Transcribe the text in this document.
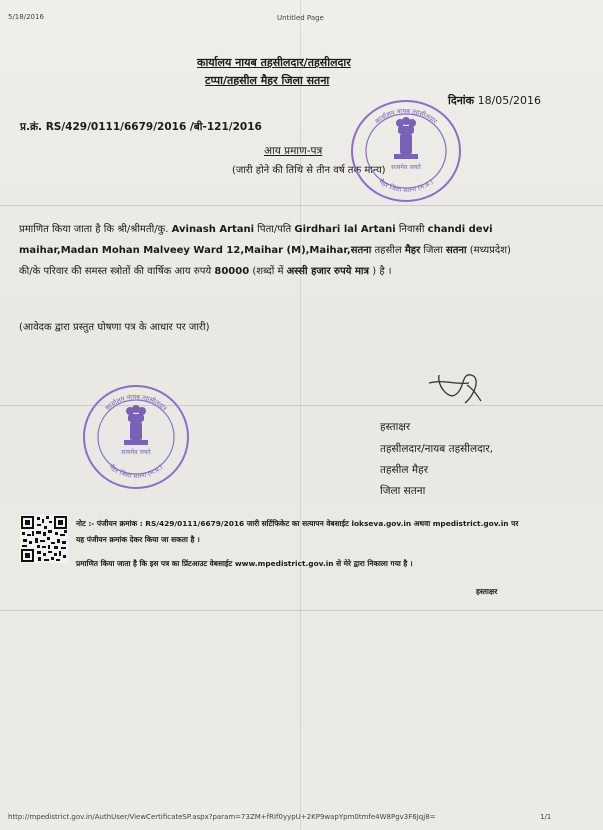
5/18/2016	Untitled Page
कार्यालय नायब तहसीलदार/तहसीलदार
टप्पा/तहसील मैहर जिला सतना
दिनांक 18/05/2016
प्र.क्रं. RS/429/0111/6679/2016 /बी-121/2016
आय प्रमाण-पत्र
(जारी होने की तिथि से तीन वर्ष तक मान्य) सत्यमेव जयते
कार्यालय नायब तहसीलदार
मैहर जिला सतना (म.प्र.)
प्रमाणित किया जाता है कि श्री/श्रीमती/कु. Avinash Artani पिता/पति Girdhari lal Artani निवासी chandi devi
maihar,Madan Mohan Malveey Ward 12,Maihar (M),Maihar,सतना तहसील मैहर जिला सतना (मध्यप्रदेश)
की/के परिवार की समस्त स्त्रोतों की वार्षिक आय रुपये 80000 (शब्दों में अस्सी हजार रुपये मात्र ) है ।
(आवेदक द्वारा प्रस्तुत घोषणा पत्र के आधार पर जारी)
सत्यमेव जयते
कार्यालय नायब तहसीलदार
मैहर जिला सतना (म.प्र.)
हस्ताक्षर
तहसीलदार/नायब तहसीलदार,
तहसील मैहर
जिला सतना
नोट :- पंजीयन क्रमांक : RS/429/0111/6679/2016 जारी सर्टिफिकेट का सत्यापन वेबसाईट lokseva.gov.in अथवा mpedistrict.gov.in पर
यह पंजीयन क्रमांक देकर किया जा सकता है ।
प्रमाणित किया जाता है कि इस पत्र का प्रिंटआउट वेबसाईट www.mpedistrict.gov.in से मेरे द्वारा निकाला गया है ।
हस्ताक्षर
http://mpedistrict.gov.in/AuthUser/ViewCertificateSP.aspx?param=73ZM+fRIf0yypU+2KP9wapYpm0tmfe4W8Pgv3F6Jqj8=	1/1
